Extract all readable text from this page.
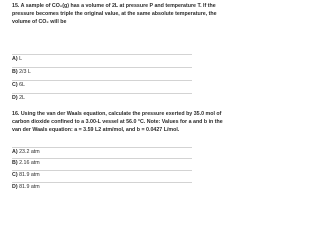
15. A sample of CO₂(g) has a volume of 2L at pressure P and temperature T. If the
pressure becomes triple the original value, at the same absolute temperature, the
volume of CO₂ will be
A) L
B) 2/3 L
C) 6L
D) 2L
16. Using the van der Waals equation, calculate the pressure exerted by 35.0 mol of
carbon dioxide confined to a 3.00-L vessel at 56.0 °C. Note: Values for a and b in the
van der Waals equation: a = 3.59 L2 atm/mol, and b = 0.0427 L/mol.
A) 23.2 atm
B) 2.16 atm
C) 81.9 atm
D) 81.9 atm
